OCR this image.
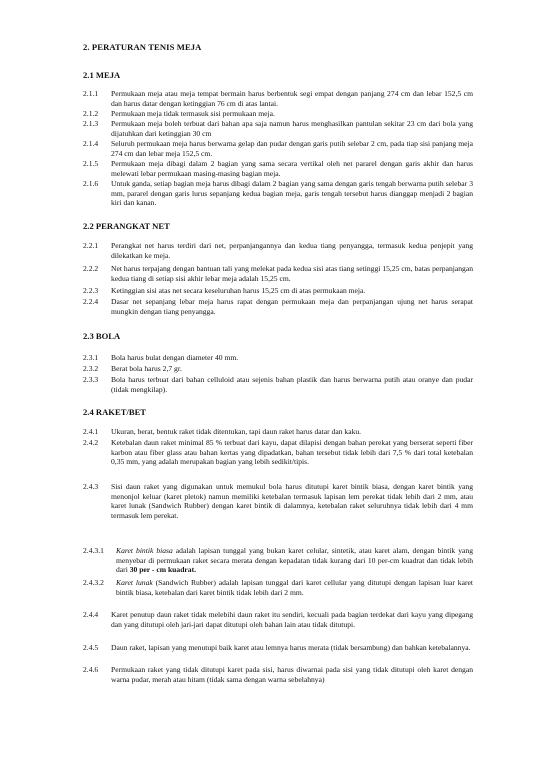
2. PERATURAN TENIS MEJA
2.1 MEJA
2.1.1	Permukaan meja atau meja tempat bermain harus berbentuk segi empat dengan panjang 274 cm dan lebar 152,5 cm dan harus datar dengan ketinggian 76 cm di atas lantai.
2.1.2	Permukaan meja tidak termasuk sisi permukaan meja.
2.1.3	Permukaan meja boleh terbuat dari bahan apa saja namun harus menghasilkan pantulan sekitar 23 cm dari bola yang dijatuhkan dari ketinggian 30 cm
2.1.4	Seluruh permukaan meja harus berwarna gelap dan pudar dengan garis putih selebar 2 cm, pada tiap sisi panjang meja 274 cm dan lebar meja 152,5 cm.
2.1.5	Permukaan meja dibagi dalam 2 bagian yang sama secara vertikal oleh net pararel dengan garis akhir dan harus melewati lebar permukaan masing-masing bagian meja.
2.1.6	Untuk ganda, setiap bagian meja harus dibagi dalam 2 bagian yang sama dengan garis tengah berwarna putih selebar 3 mm, pararel dengan garis lurus sepanjang kedua bagian meja, garis tengah tersebut harus dianggap menjadi 2 bagian kiri dan kanan.
2.2 PERANGKAT NET
2.2.1	Perangkat net harus terdiri dari net, perpanjangannya dan kedua tiang penyangga, termasuk kedua penjepit yang dilekatkan ke meja.
2.2.2	Net harus terpajang dengan bantuan tali yang melekat pada kedua sisi atas tiang setinggi 15,25 cm, batas perpanjangan kedua tiang di setiap sisi akhir lebar meja adalah 15,25 cm.
2.2.3	Ketinggian sisi atas net secara keseluruhan harus 15,25 cm di atas permukaan meja.
2.2.4	Dasar net sepanjang lebar meja harus rapat dengan permukaan meja dan perpanjangan ujung net harus serapat mungkin dengan tiang penyangga.
2.3 BOLA
2.3.1	Bola harus bulat dengan diameter 40 mm.
2.3.2	Berat bola harus 2,7 gr.
2.3.3	Bola harus terbuat dari bahan celluloid atau sejenis bahan plastik dan harus berwarna putih atau oranye dan pudar (tidak mengkilap).
2.4 RAKET/BET
2.4.1	Ukuran, berat, bentuk raket tidak ditentukan, tapi daun raket harus datar dan kaku.
2.4.2	Ketebalan daun raket minimal 85 % terbuat dari kayu, dapat dilapisi dengan bahan perekat yang berserat seperti fiber karbon atau fiber glass atau bahan kertas yang dipadatkan, bahan tersebut tidak lebih dari 7,5 % dari total ketebalan 0,35 mm, yang adalah merupakan bagian yang lebih sedikit/tipis.
2.4.3	Sisi daun raket yang digunakan untuk memukul bola harus ditutupi karet bintik biasa, dengan karet bintik yang menonjol keluar (karet pletok) namun memiliki ketebalan termasuk lapisan lem perekat tidak lebih dari 2 mm, atau karet lunak (Sandwich Rubber) dengan karet bintik di dalamnya, ketebalan raket seluruhnya tidak lebih dari 4 mm termasuk lem perekat.
2.4.3.1	Karet bintik biasa adalah lapisan tunggal yang bukan karet celular, sintetik, atau karet alam, dengan bintik yang menyebar di permukaan raket secara merata dengan kepadatan tidak kurang dari 10 per-cm kuadrat dan tidak lebih dari 30 per - cm kuadrat.
2.4.3.2	Karet lunak (Sandwich Rubber) adalah lapisan tunggal dari karet cellular yang ditutupi dengan lapisan luar karet bintik biasa, ketebalan dari karet bintik tidak lebih dari 2 mm.
2.4.4	Karet penutup daun raket tidak melebihi daun raket itu sendiri, kecuali pada bagian terdekat dari kayu yang dipegang dan yang ditutupi oleh jari-jari dapat ditutupi oleh bahan lain atau tidak ditutupi.
2.4.5	Daun raket, lapisan yang menutupi baik karet atau lemnya harus merata (tidak bersambung) dan bahkan ketebalannya.
2.4.6	Permukaan raket yang tidak ditutupi karet pada sisi, harus diwarnai pada sisi yang tidak ditutupi oleh karet dengan warna pudar, merah atau hitam (tidak sama dengan warna sebelahnya)
